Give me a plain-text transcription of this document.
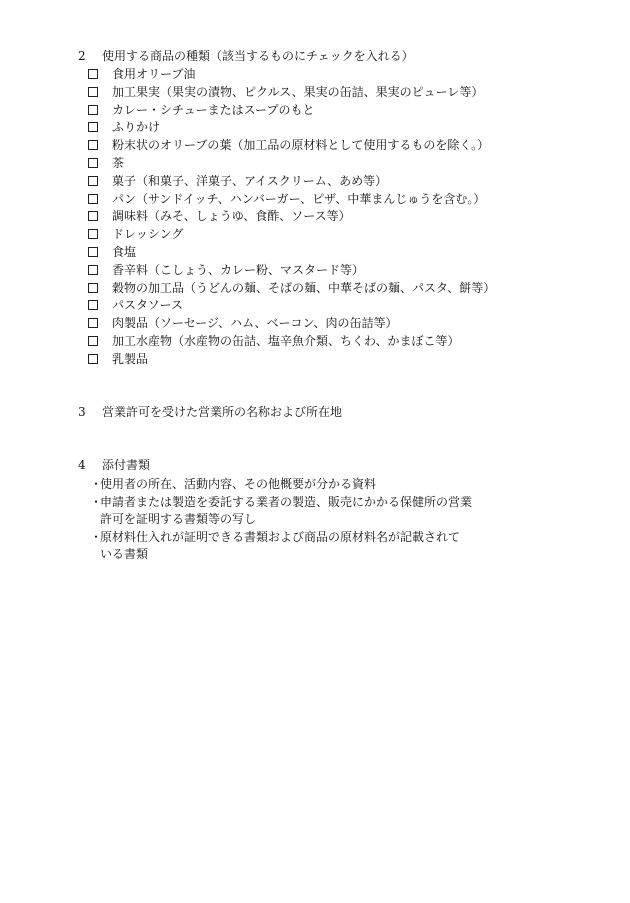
2 使用する商品の種類（該当するものにチェックを入れる）
食用オリーブ油
加工果実（果実の漬物、ピクルス、果実の缶詰、果実のピューレ等）
カレー・シチューまたはスープのもと
ふりかけ
粉末状のオリーブの葉（加工品の原材料として使用するものを除く。）
茶
菓子（和菓子、洋菓子、アイスクリーム、あめ等）
パン（サンドイッチ、ハンバーガー、ピザ、中華まんじゅうを含む。）
調味料（みそ、しょうゆ、食酢、ソース等）
ドレッシング
食塩
香辛料（こしょう、カレー粉、マスタード等）
穀物の加工品（うどんの麺、そばの麺、中華そばの麺、パスタ、餅等）
パスタソース
肉製品（ソーセージ、ハム、ベーコン、肉の缶詰等）
加工水産物（水産物の缶詰、塩辛魚介類、ちくわ、かまぼこ等）
乳製品
3 営業許可を受けた営業所の名称および所在地
4 添付書類
・
使用者の所在、活動内容、その他概要が分かる資料
・
申請者または製造を委託する業者の製造、販売にかかる保健所の営業
許可を証明する書類等の写し
・
原材料仕入れが証明できる書類および商品の原材料名が記載されて
いる書類
